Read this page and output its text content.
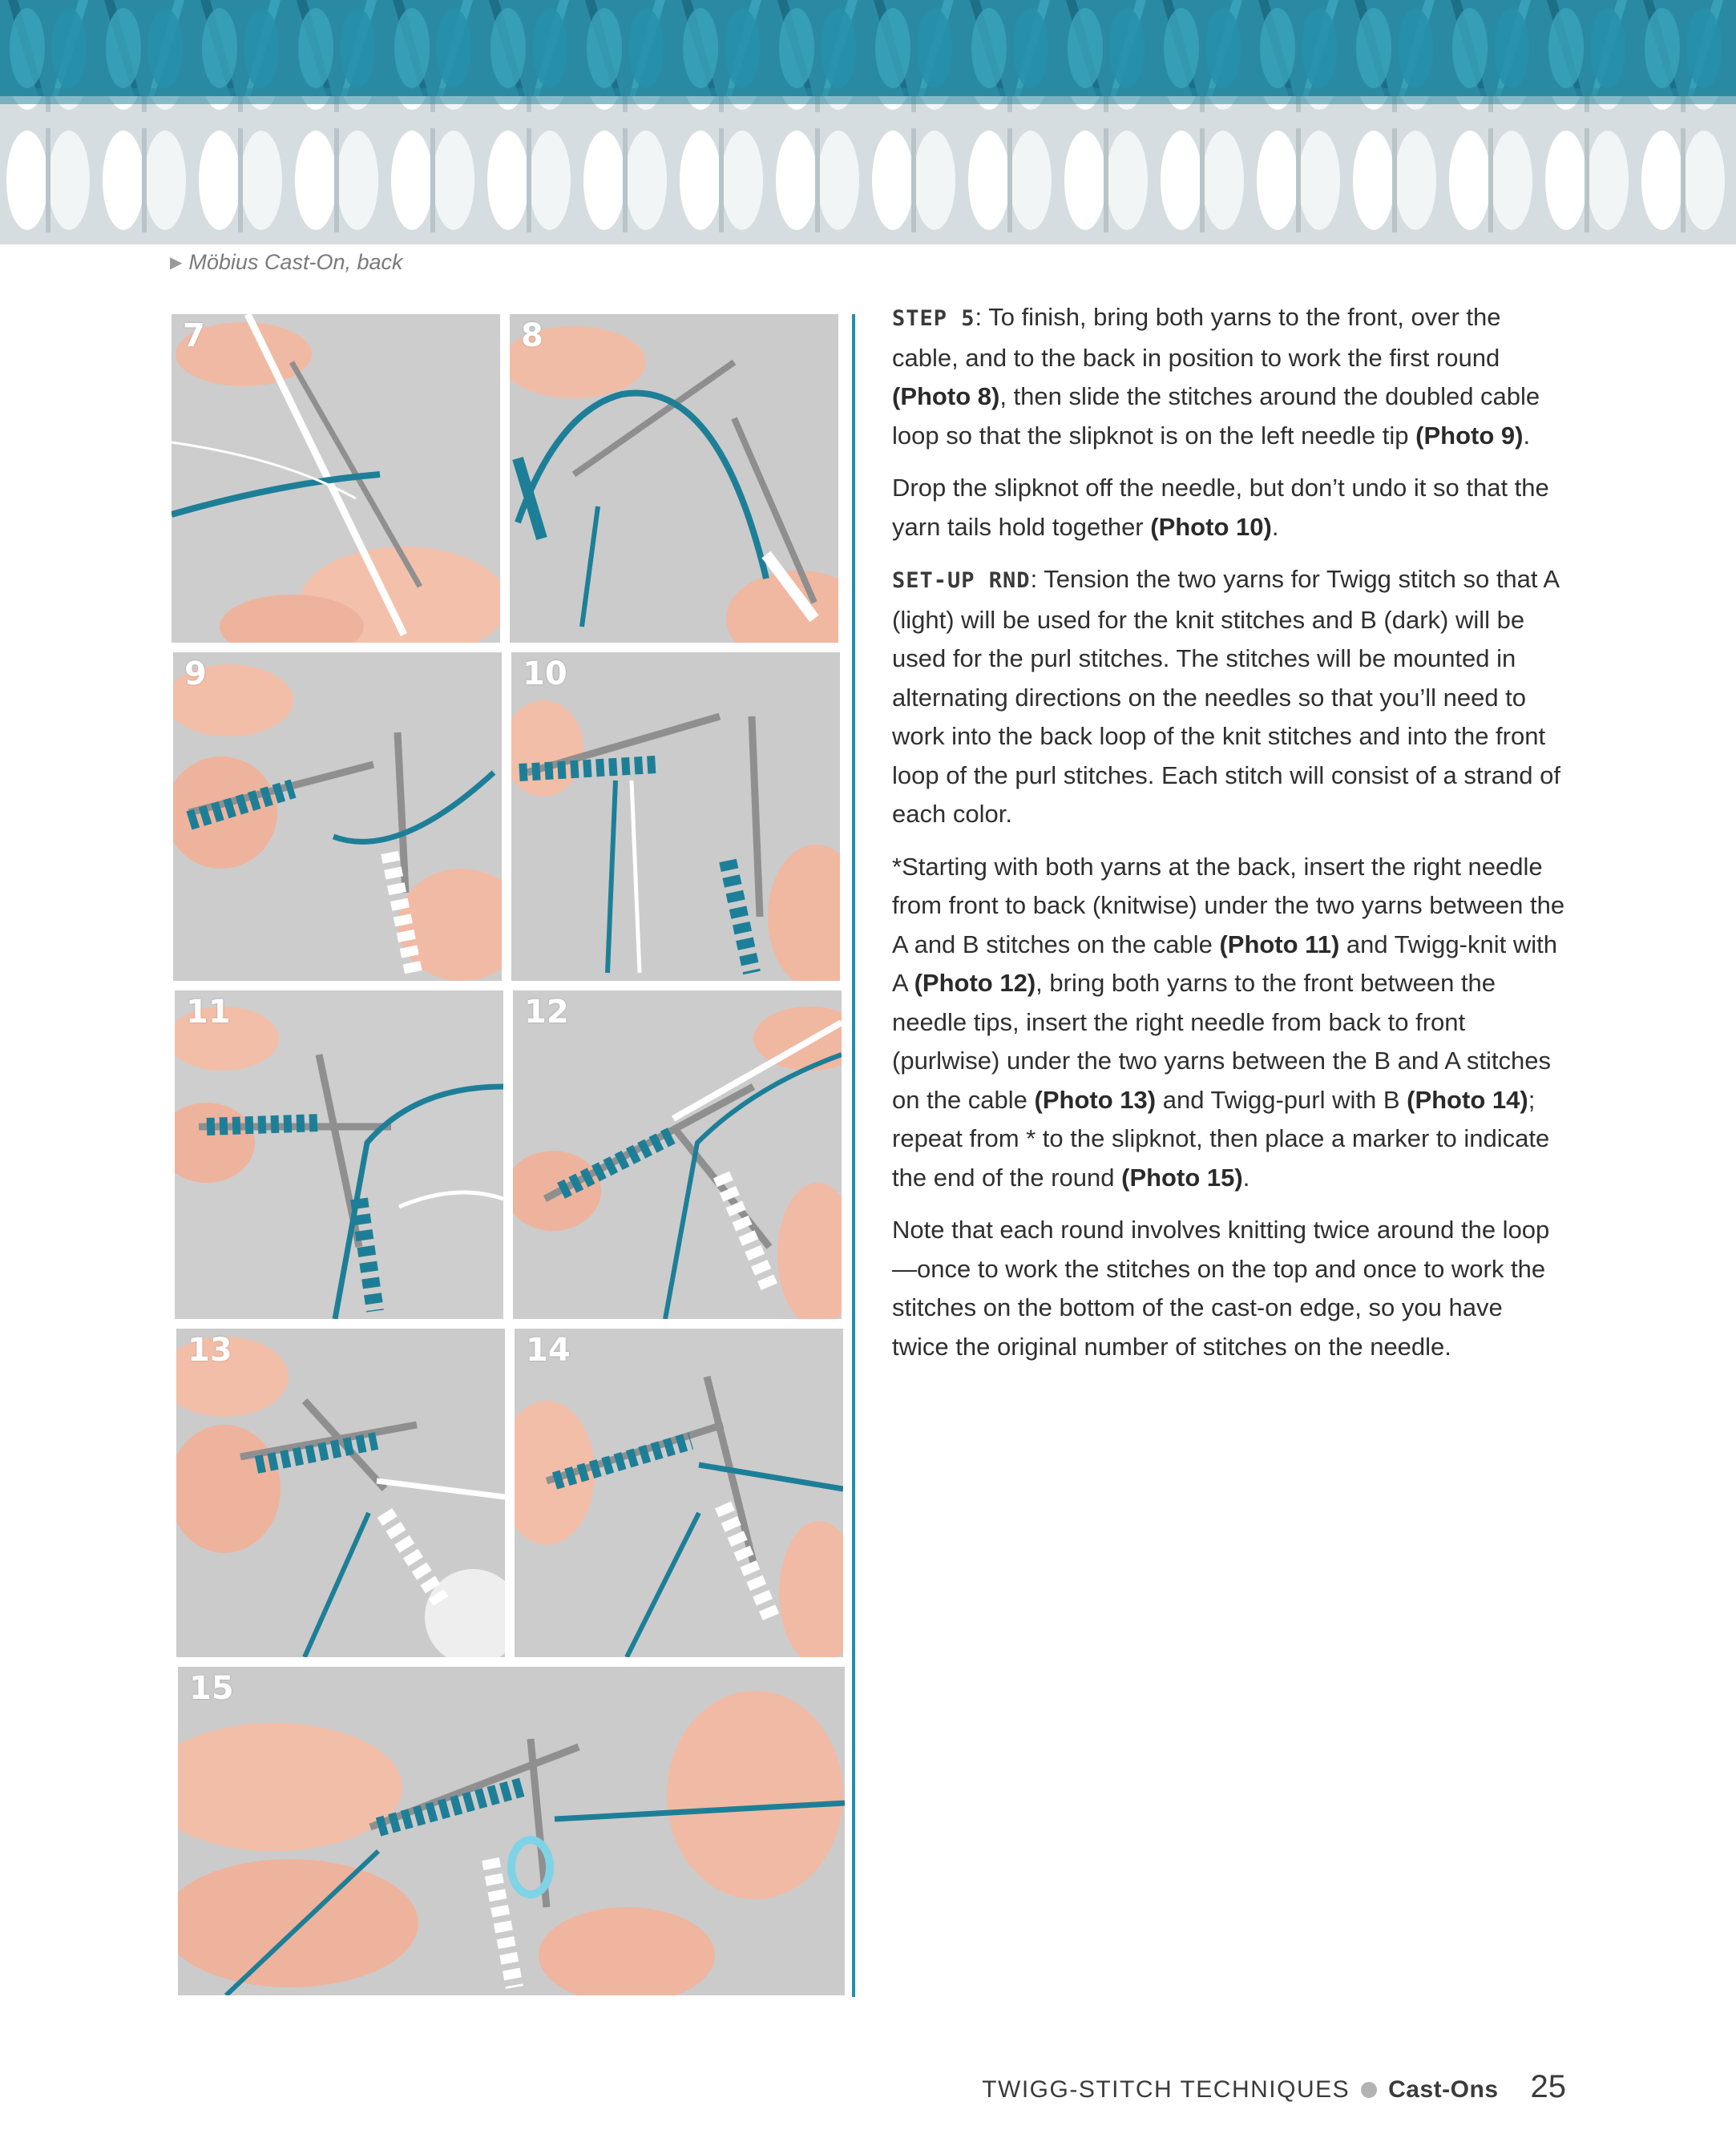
▶ Möbius Cast-On, back
7	8
9	10
11	12
13	14
15

STEP 5: To finish, bring both yarns to the front, over the cable, and to the back in position to work the first round (Photo 8), then slide the stitches around the doubled cable loop so that the slipknot is on the left needle tip (Photo 9).

Drop the slipknot off the needle, but don’t undo it so that the yarn tails hold together (Photo 10).

SET-UP RND: Tension the two yarns for Twigg stitch so that A (light) will be used for the knit stitches and B (dark) will be used for the purl stitches. The stitches will be mounted in alternating directions on the needles so that you’ll need to work into the back loop of the knit stitches and into the front loop of the purl stitches. Each stitch will consist of a strand of each color.

*Starting with both yarns at the back, insert the right needle from front to back (knitwise) under the two yarns between the A and B stitches on the cable (Photo 11) and Twigg-knit with A (Photo 12), bring both yarns to the front between the needle tips, insert the right needle from back to front (purlwise) under the two yarns between the B and A stitches on the cable (Photo 13) and Twigg-purl with B (Photo 14); repeat from * to the slipknot, then place a marker to indicate the end of the round (Photo 15).

Note that each round involves knitting twice around the loop—once to work the stitches on the top and once to work the stitches on the bottom of the cast-on edge, so you have twice the original number of stitches on the needle.

TWIGG-STITCH TECHNIQUES Cast-Ons 25
